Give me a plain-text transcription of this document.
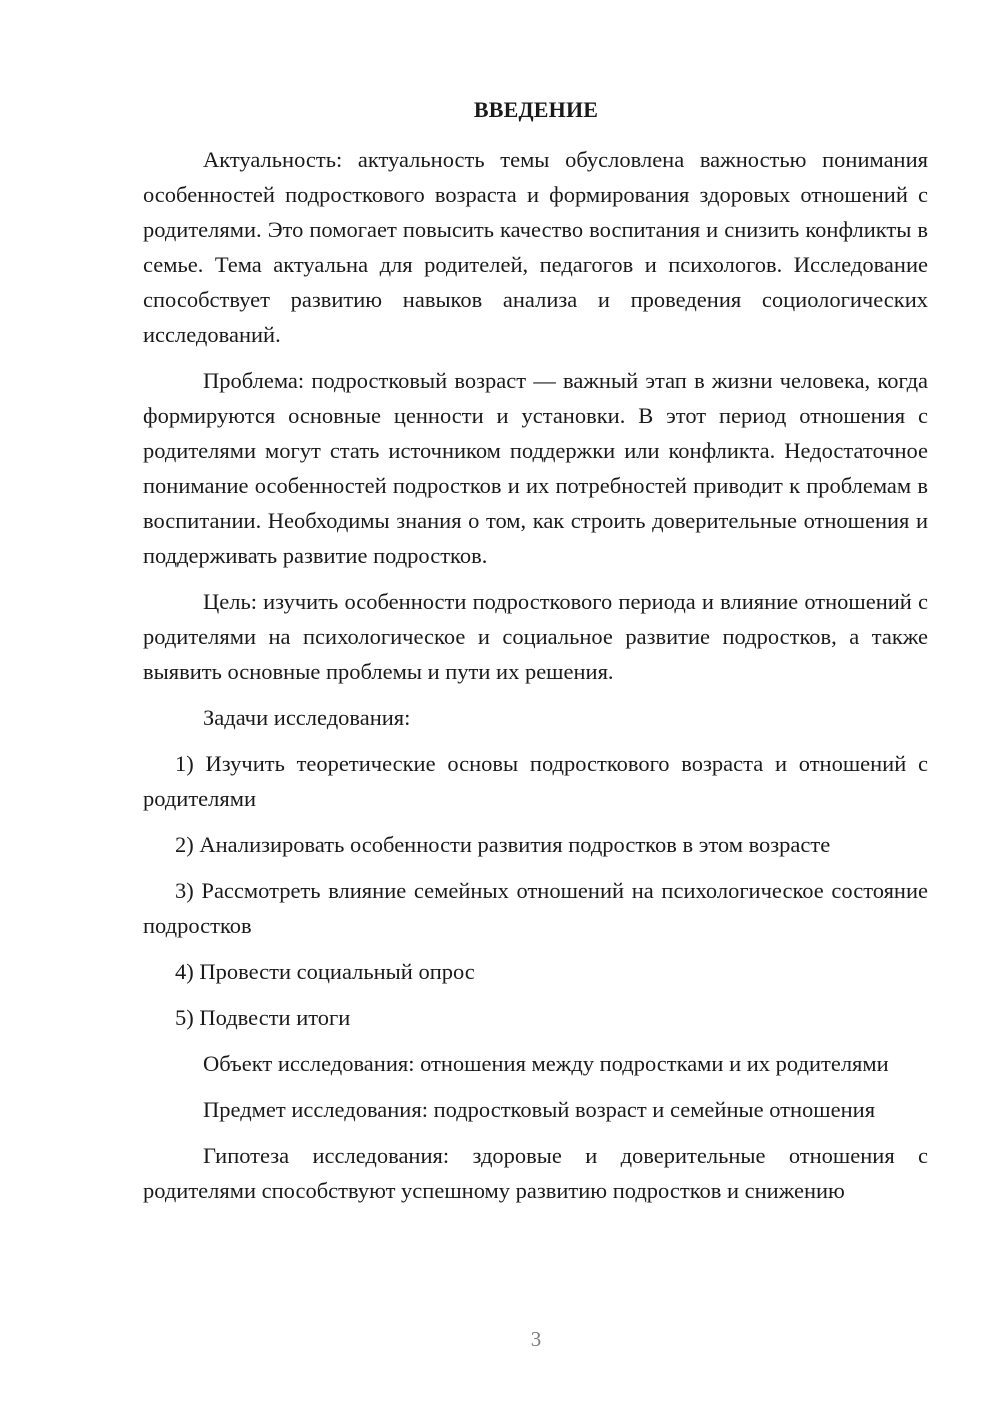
ВВЕДЕНИЕ

Актуальность: актуальность темы обусловлена важностью понимания особенностей подросткового возраста и формирования здоровых отношений с родителями. Это помогает повысить качество воспитания и снизить конфликты в семье. Тема актуальна для родителей, педагогов и психологов. Исследование способствует развитию навыков анализа и проведения социологических исследований.

Проблема: подростковый возраст — важный этап в жизни человека, когда формируются основные ценности и установки. В этот период отношения с родителями могут стать источником поддержки или конфликта. Недостаточное понимание особенностей подростков и их потребностей приводит к проблемам в воспитании. Необходимы знания о том, как строить доверительные отношения и поддерживать развитие подростков.

Цель: изучить особенности подросткового периода и влияние отношений с родителями на психологическое и социальное развитие подростков, а также выявить основные проблемы и пути их решения.

Задачи исследования:

1) Изучить теоретические основы подросткового возраста и отношений с родителями

2) Анализировать особенности развития подростков в этом возрасте

3) Рассмотреть влияние семейных отношений на психологическое состояние подростков

4) Провести социальный опрос

5) Подвести итоги

Объект исследования: отношения между подростками и их родителями

Предмет исследования: подростковый возраст и семейные отношения

Гипотеза исследования: здоровые и доверительные отношения с родителями способствуют успешному развитию подростков и снижению

3
